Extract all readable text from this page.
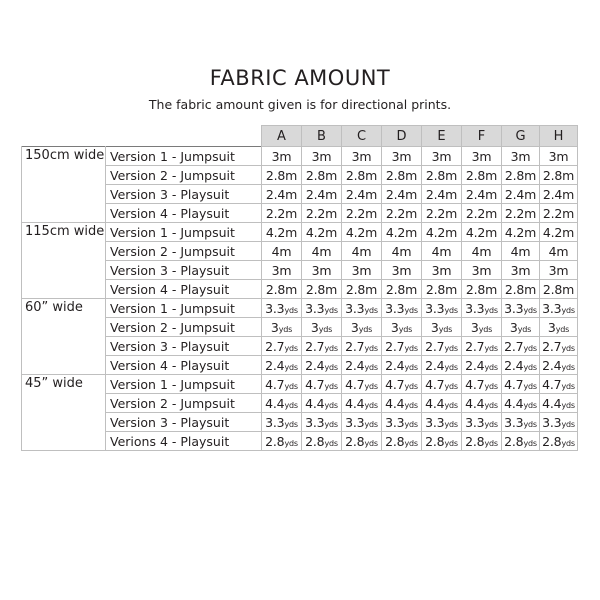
FABRIC AMOUNT
The fabric amount given is for directional prints.
		A	B	C	D	E	F	G	H
150cm wide	Version 1 - Jumpsuit	3m	3m	3m	3m	3m	3m	3m	3m
	Version 2 - Jumpsuit	2.8m	2.8m	2.8m	2.8m	2.8m	2.8m	2.8m	2.8m
	Version 3 - Playsuit	2.4m	2.4m	2.4m	2.4m	2.4m	2.4m	2.4m	2.4m
	Version 4 - Playsuit	2.2m	2.2m	2.2m	2.2m	2.2m	2.2m	2.2m	2.2m
115cm wide	Version 1 - Jumpsuit	4.2m	4.2m	4.2m	4.2m	4.2m	4.2m	4.2m	4.2m
	Version 2 - Jumpsuit	4m	4m	4m	4m	4m	4m	4m	4m
	Version 3 - Playsuit	3m	3m	3m	3m	3m	3m	3m	3m
	Version 4 - Playsuit	2.8m	2.8m	2.8m	2.8m	2.8m	2.8m	2.8m	2.8m
60” wide	Version 1 - Jumpsuit	3.3yds	3.3yds	3.3yds	3.3yds	3.3yds	3.3yds	3.3yds	3.3yds
	Version 2 - Jumpsuit	3yds	3yds	3yds	3yds	3yds	3yds	3yds	3yds
	Version 3 - Playsuit	2.7yds	2.7yds	2.7yds	2.7yds	2.7yds	2.7yds	2.7yds	2.7yds
	Version 4 - Playsuit	2.4yds	2.4yds	2.4yds	2.4yds	2.4yds	2.4yds	2.4yds	2.4yds
45” wide	Version 1 - Jumpsuit	4.7yds	4.7yds	4.7yds	4.7yds	4.7yds	4.7yds	4.7yds	4.7yds
	Version 2 - Jumpsuit	4.4yds	4.4yds	4.4yds	4.4yds	4.4yds	4.4yds	4.4yds	4.4yds
	Version 3 - Playsuit	3.3yds	3.3yds	3.3yds	3.3yds	3.3yds	3.3yds	3.3yds	3.3yds
	Verions 4 - Playsuit	2.8yds	2.8yds	2.8yds	2.8yds	2.8yds	2.8yds	2.8yds	2.8yds
